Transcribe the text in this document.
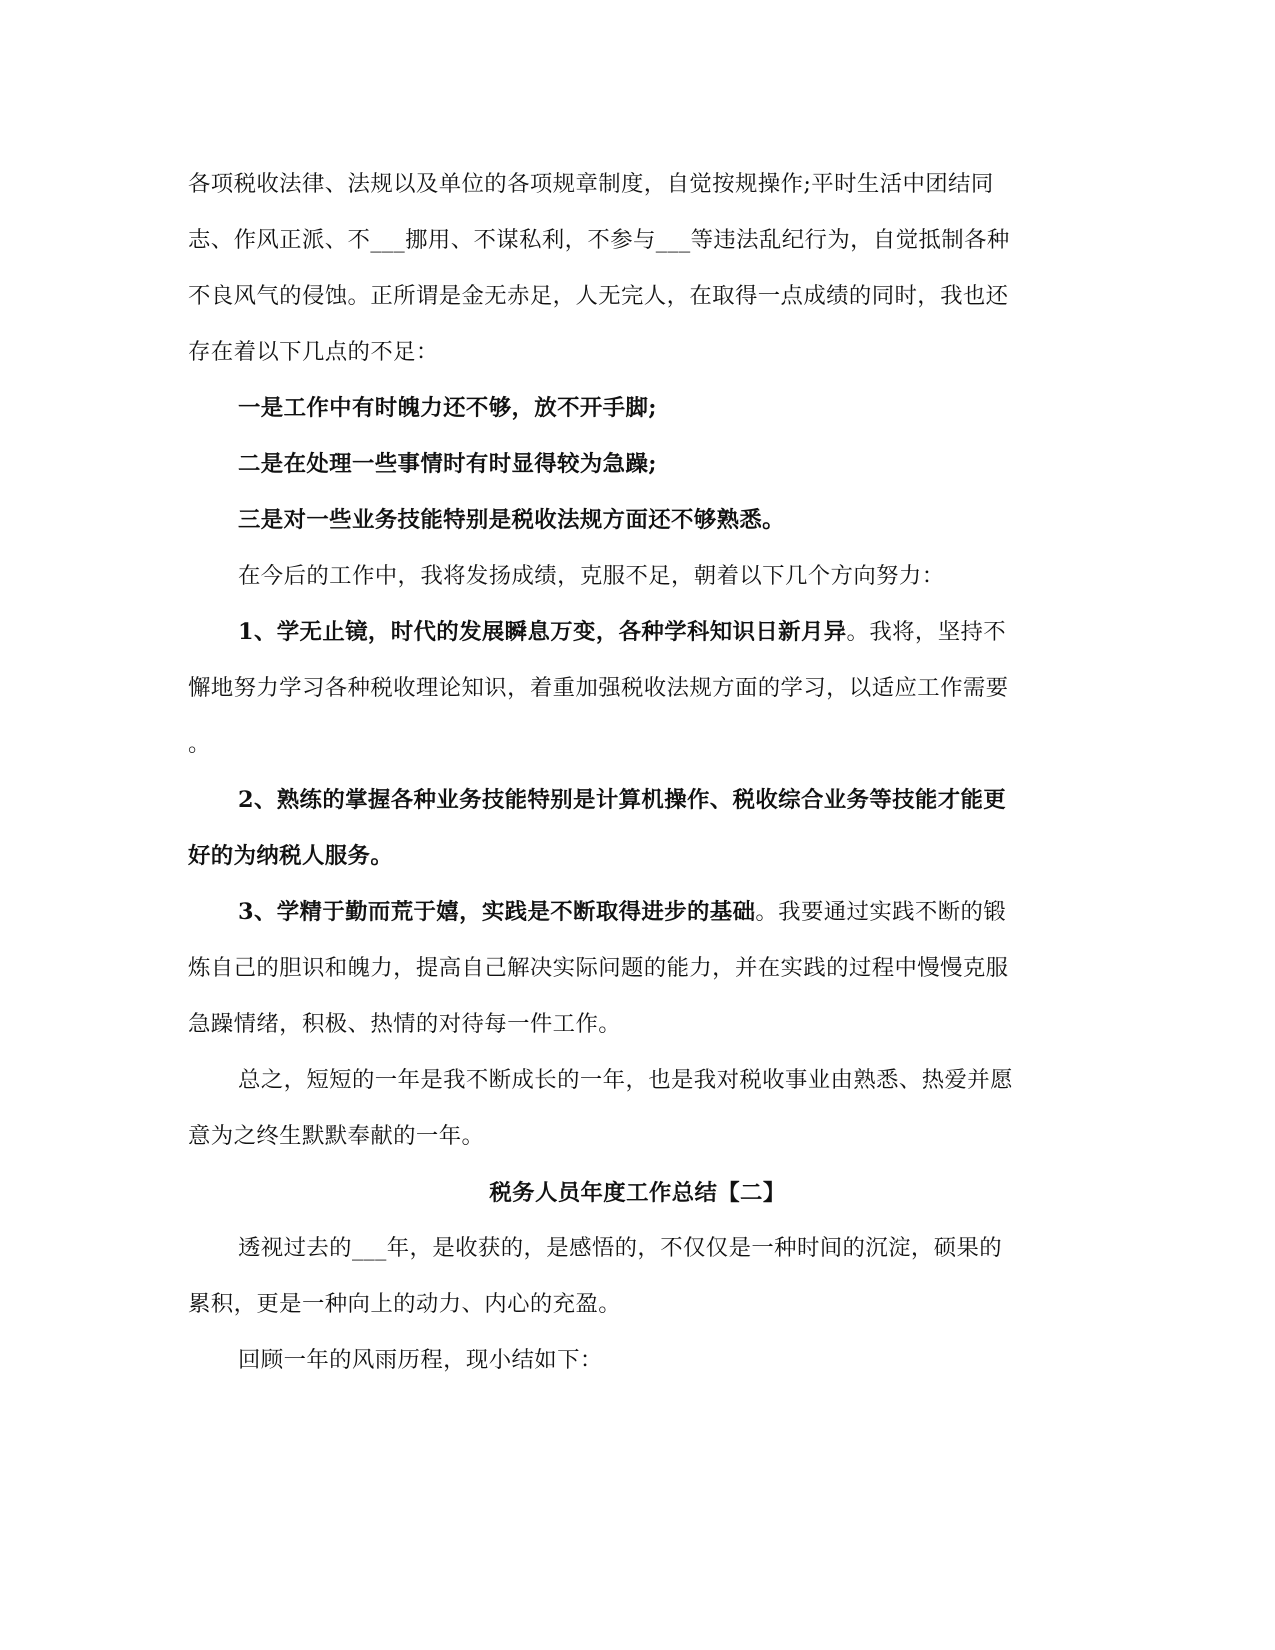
各项税收法律、法规以及单位的各项规章制度，自觉按规操作;平时生活中团结同
志、作风正派、不___挪用、不谋私利，不参与___等违法乱纪行为，自觉抵制各种
不良风气的侵蚀。正所谓是金无赤足，人无完人，在取得一点成绩的同时，我也还
存在着以下几点的不足：
一是工作中有时魄力还不够，放不开手脚;
二是在处理一些事情时有时显得较为急躁;
三是对一些业务技能特别是税收法规方面还不够熟悉。
在今后的工作中，我将发扬成绩，克服不足，朝着以下几个方向努力：
1、学无止镜，时代的发展瞬息万变，各种学科知识日新月异。我将，坚持不
懈地努力学习各种税收理论知识，着重加强税收法规方面的学习，以适应工作需要
。
2、熟练的掌握各种业务技能特别是计算机操作、税收综合业务等技能才能更
好的为纳税人服务。
3、学精于勤而荒于嬉，实践是不断取得进步的基础。我要通过实践不断的锻
炼自己的胆识和魄力，提高自己解决实际问题的能力，并在实践的过程中慢慢克服
急躁情绪，积极、热情的对待每一件工作。
总之，短短的一年是我不断成长的一年，也是我对税收事业由熟悉、热爱并愿
意为之终生默默奉献的一年。
税务人员年度工作总结【二】
透视过去的___年，是收获的，是感悟的，不仅仅是一种时间的沉淀，硕果的
累积，更是一种向上的动力、内心的充盈。
回顾一年的风雨历程，现小结如下：
